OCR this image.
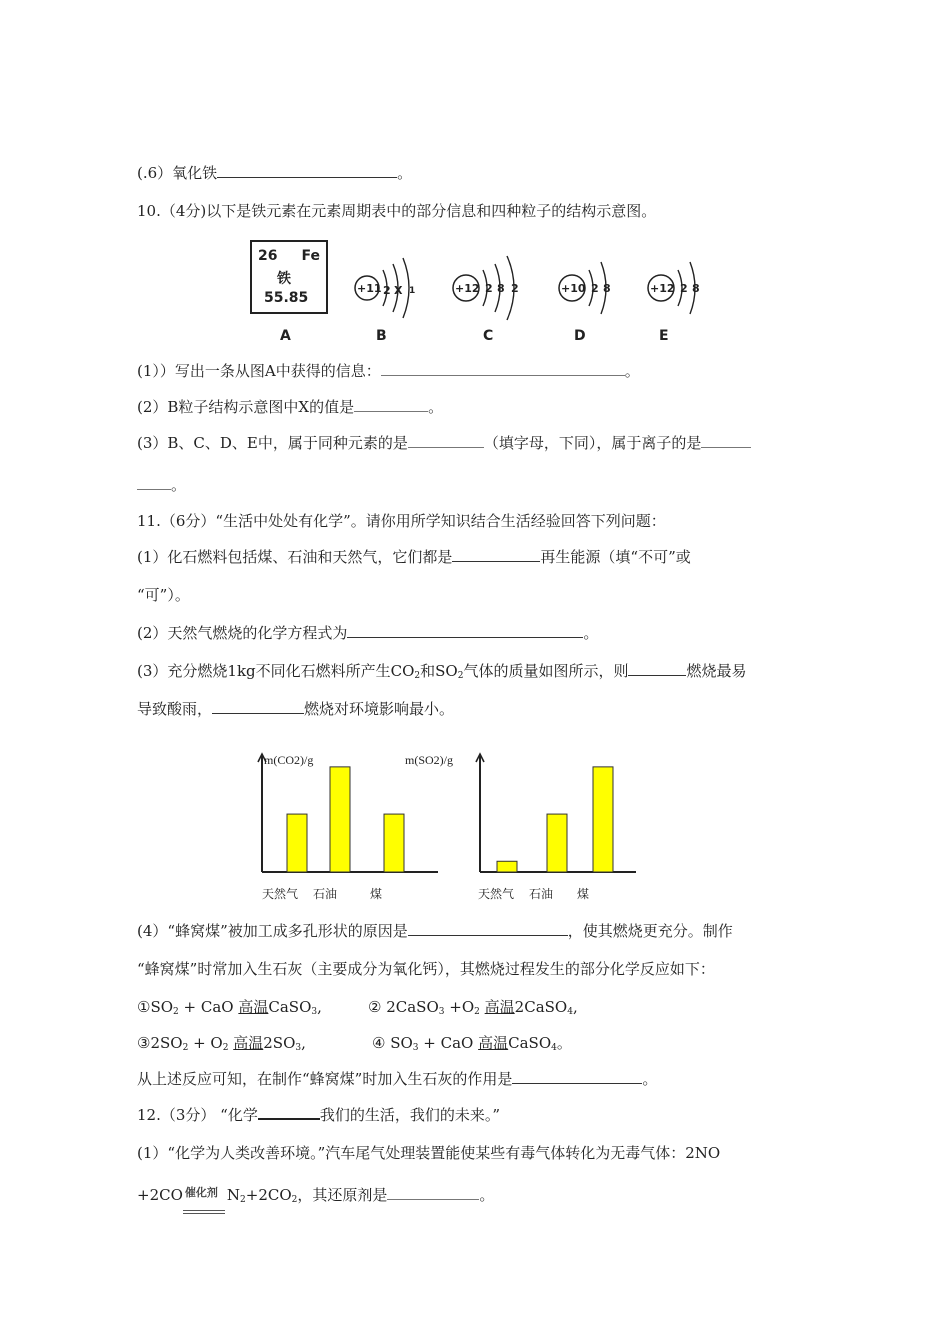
(.6）氧化铁	。
10.（4分)以下是铁元素在元素周期表中的部分信息和四种粒子的结构示意图。
26 Fe
铁
55.85
+11 2 X 1	+12 2 8 2	+10 2 8	+12 2 8
A	B	C	D	E
(1））写出一条从图A中获得的信息：	。
(2）B粒子结构示意图中X的值是	。
(3）B、C、D、E中，属于同种元素的是	（填字母，下同），属于离子的是
。
11.（6分）“生活中处处有化学”。请你用所学知识结合生活经验回答下列问题：
(1）化石燃料包括煤、石油和天然气，它们都是	再生能源（填“不可”或
“可”）。
(2）天然气燃烧的化学方程式为	。
(3）充分燃烧1kg不同化石燃料所产生$CO_2$和$SO_2$气体的质量如图所示，则	燃烧最易
导致酸雨，	燃烧对环境影响最小。
m(CO2)/g	m(SO2)/g
天然气 石油	煤	天然气 石油 煤
(4）“蜂窝煤”被加工成多孔形状的原因是	，使其燃烧更充分。制作
“蜂窝煤”时常加入生石灰（主要成分为氧化钙），其燃烧过程发生的部分化学反应如下：
$①SO_2$ + CaO 高温CaSO$_3$,	② 2CaSO$_3$ $+O_2$ 高温2CaSO$_4$,
$③2SO_2 + O_2$ 高温$2SO_3$,	④ $SO_3$ + CaO 高温CaSO$_4$。
从上述反应可知，在制作“蜂窝煤”时加入生石灰的作用是	。
12.（3分） “化学	我们的生活，我们的未来。”
(1）“化学为人类改善环境。”汽车尾气处理装置能使某些有毒气体转化为无毒气体：2NO
+2CO 催化剂 $N_2+2CO_2$，其还原剂是	。
